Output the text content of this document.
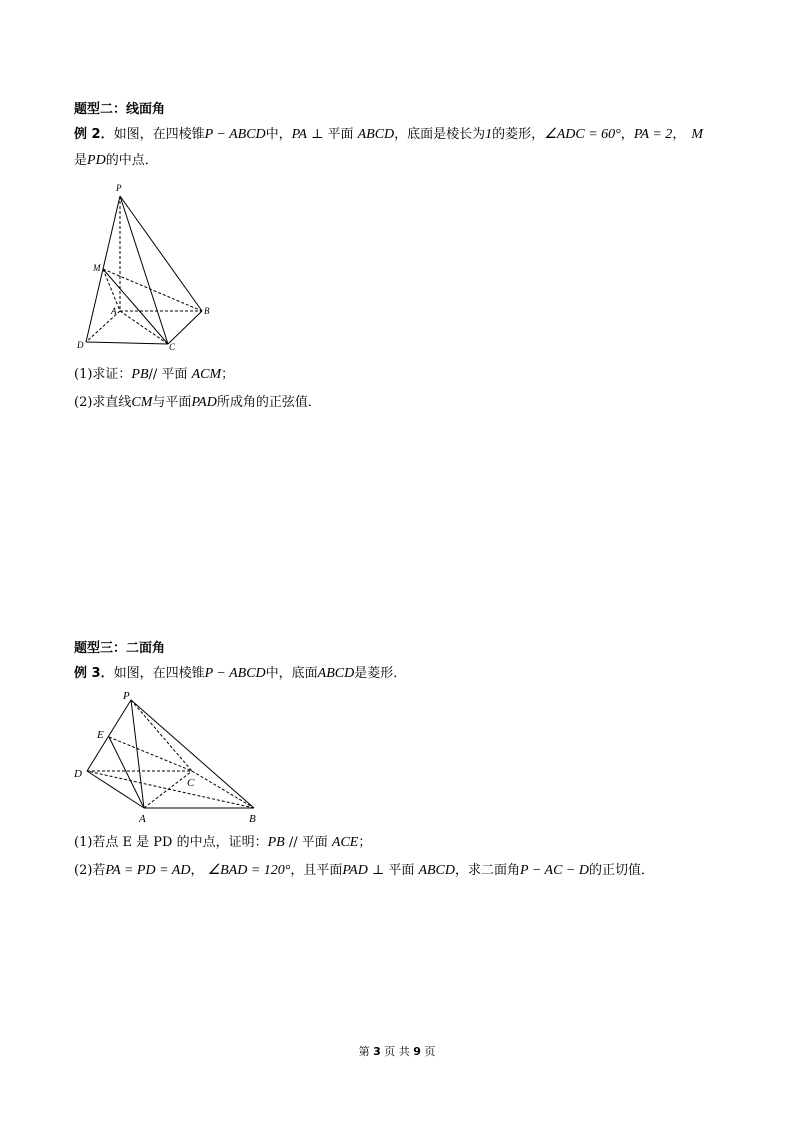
题型二：线面角
例 2．如图，在四棱锥P − ABCD中，PA ⊥ 平面 ABCD，底面是棱长为1的菱形，∠ADC = 60°，PA = 2， M
是PD的中点．
P
M
A	B
C
D
(1)求证：PB// 平面 ACM；
(2)求直线CM与平面PAD所成角的正弦值．
题型三：二面角
例 3．如图，在四棱锥P − ABCD中，底面ABCD是菱形．
P
E
D
C
A	B
(1)若点 E 是 PD 的中点，证明：PB // 平面 ACE；
(2)若PA = PD = AD， ∠BAD = 120°，且平面PAD ⊥ 平面 ABCD，求二面角P − AC − D的正切值．
第 3 页 共 9 页
